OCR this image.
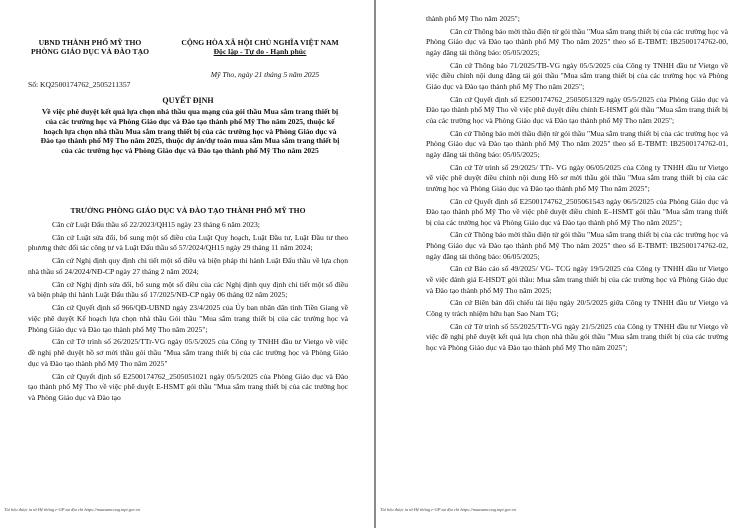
UBND THÀNH PHỐ MỸ THO
PHÒNG GIÁO DỤC VÀ ĐÀO TẠO
CỘNG HÒA XÃ HỘI CHỦ NGHĨA VIỆT NAM
Độc lập - Tự do - Hạnh phúc
Mỹ Tho, ngày 21 tháng 5 năm 2025
Số: KQ2500174762_2505211357
QUYẾT ĐỊNH
Về việc phê duyệt kết quả lựa chọn nhà thầu qua mạng của gói thầu Mua sắm trang thiết bị của các trường học và Phòng Giáo dục và Đào tạo thành phố Mỹ Tho năm 2025, thuộc kế hoạch lựa chọn nhà thầu Mua sắm trang thiết bị của các trường học và Phòng Giáo dục và Đào tạo thành phố Mỹ Tho năm 2025, thuộc dự án/dự toán mua sắm Mua sắm trang thiết bị của các trường học và Phòng Giáo dục và Đào tạo thành phố Mỹ Tho năm 2025
TRƯỞNG PHÒNG GIÁO DỤC VÀ ĐÀO TẠO THÀNH PHỐ MỸ THO

Căn cứ Luật Đấu thầu số 22/2023/QH15 ngày 23 tháng 6 năm 2023;

Căn cứ Luật sửa đổi, bổ sung một số điều của Luật Quy hoạch, Luật Đầu tư, Luật Đầu tư theo phương thức đối tác công tư và Luật Đấu thầu số 57/2024/QH15 ngày 29 tháng 11 năm 2024;

Căn cứ Nghị định quy định chi tiết một số điều và biện pháp thi hành Luật Đấu thầu về lựa chọn nhà thầu số 24/2024/NĐ-CP ngày 27 tháng 2 năm 2024;

Căn cứ Nghị định sửa đổi, bổ sung một số điều của các Nghị định quy định chi tiết một số điều và biện pháp thi hành Luật Đấu thầu số 17/2025/NĐ-CP ngày 06 tháng 02 năm 2025;

Căn cứ Quyết định số 966/QĐ-UBND ngày 23/4/2025 của Ủy ban nhân dân tỉnh Tiền Giang về việc phê duyệt Kế hoạch lựa chọn nhà thầu Gói thầu "Mua sắm trang thiết bị của các trường học và Phòng Giáo dục và Đào tạo thành phố Mỹ Tho năm 2025";

Căn cứ Tờ trình số 26/2025/TTr-VG ngày 05/5/2025 của Công ty TNHH đầu tư Vietgo về việc đề nghị phê duyệt hồ sơ mời thầu gói thầu "Mua sắm trang thiết bị của các trường học và Phòng Giáo dục và Đào tạo thành phố Mỹ Tho năm 2025"

Căn cứ Quyết định số E2500174762_2505051021 ngày 05/5/2025 của Phòng Giáo dục và Đào tạo thành phố Mỹ Tho về việc phê duyệt E-HSMT gói thầu "Mua sắm trang thiết bị của các trường học và Phòng Giáo dục và Đào tạo

thành phố Mỹ Tho năm 2025";

Căn cứ Thông báo mời thầu điện tử gói thầu "Mua sắm trang thiết bị của các trường học và Phòng Giáo dục và Đào tạo thành phố Mỹ Tho năm 2025" theo số E-TBMT: IB2500174762-00, ngày đăng tải thông báo: 05/05/2025;

Căn cứ Thông báo 71/2025/TB-VG ngày 05/5/2025 của Công ty TNHH đầu tư Vietgo về việc điều chỉnh nội dung đăng tải gói thầu "Mua sắm trang thiết bị của các trường học và Phòng Giáo dục và Đào tạo thành phố Mỹ Tho năm 2025";

Căn cứ Quyết định số E2500174762_2505051329 ngày 05/5/2025 của Phòng Giáo dục và Đào tạo thành phố Mỹ Tho về việc phê duyệt điều chỉnh E-HSMT gói thầu "Mua sắm trang thiết bị của các trường học và Phòng Giáo dục và Đào tạo thành phố Mỹ Tho năm 2025";

Căn cứ Thông báo mời thầu điện tử gói thầu "Mua sắm trang thiết bị của các trường học và Phòng Giáo dục và Đào tạo thành phố Mỹ Tho năm 2025" theo số E-TBMT: IB2500174762-01, ngày đăng tải thông báo: 05/05/2025;

Căn cứ Tờ trình số 29/2025/ TTr- VG ngày 06/05/2025 của Công ty TNHH đầu tư Vietgo về việc phê duyệt điều chỉnh nội dung Hồ sơ mời thầu gói thầu "Mua sắm trang thiết bị của các trường học và Phòng Giáo dục và Đào tạo thành phố Mỹ Tho năm 2025";

Căn cứ Quyết định số E2500174762_2505061543 ngày 06/5/2025 của Phòng Giáo dục và Đào tạo thành phố Mỹ Tho về việc phê duyệt điều chỉnh E–HSMT gói thầu "Mua sắm trang thiết bị của các trường học và Phòng Giáo dục và Đào tạo thành phố Mỹ Tho năm 2025";

Căn cứ Thông báo mời thầu điện tử gói thầu "Mua sắm trang thiết bị của các trường học và Phòng Giáo dục và Đào tạo thành phố Mỹ Tho năm 2025" theo số E-TBMT: IB2500174762-02, ngày đăng tải thông báo: 06/05/2025;

Căn cứ Báo cáo số 49/2025/ VG- TCG ngày 19/5/2025 của Công ty TNHH đầu tư Vietgo về việc đánh giá E-HSDT gói thầu: Mua sắm trang thiết bị của các trường học và Phòng Giáo dục và Đào tạo thành phố Mỹ Tho năm 2025;

Căn cứ Biên bản đối chiếu tài liệu ngày 20/5/2025 giữa Công ty TNHH đầu tư Vietgo và Công ty trách nhiệm hữu hạn Sao Nam TG;

Căn cứ Tờ trình số 55/2025/TTr-VG ngày 21/5/2025 của Công ty TNHH đầu tư Vietgo về việc đề nghị phê duyệt kết quả lựa chọn nhà thầu gói thầu "Mua sắm trang thiết bị của các trường học và Phòng Giáo dục và Đào tạo thành phố Mỹ Tho năm 2025";

Tài liệu được in từ Hệ thống e-GP tại địa chỉ https://muasamcong.mpi.gov.vn	Tài liệu được in từ Hệ thống e-GP tại địa chỉ https://muasamcong.mpi.gov.vn
